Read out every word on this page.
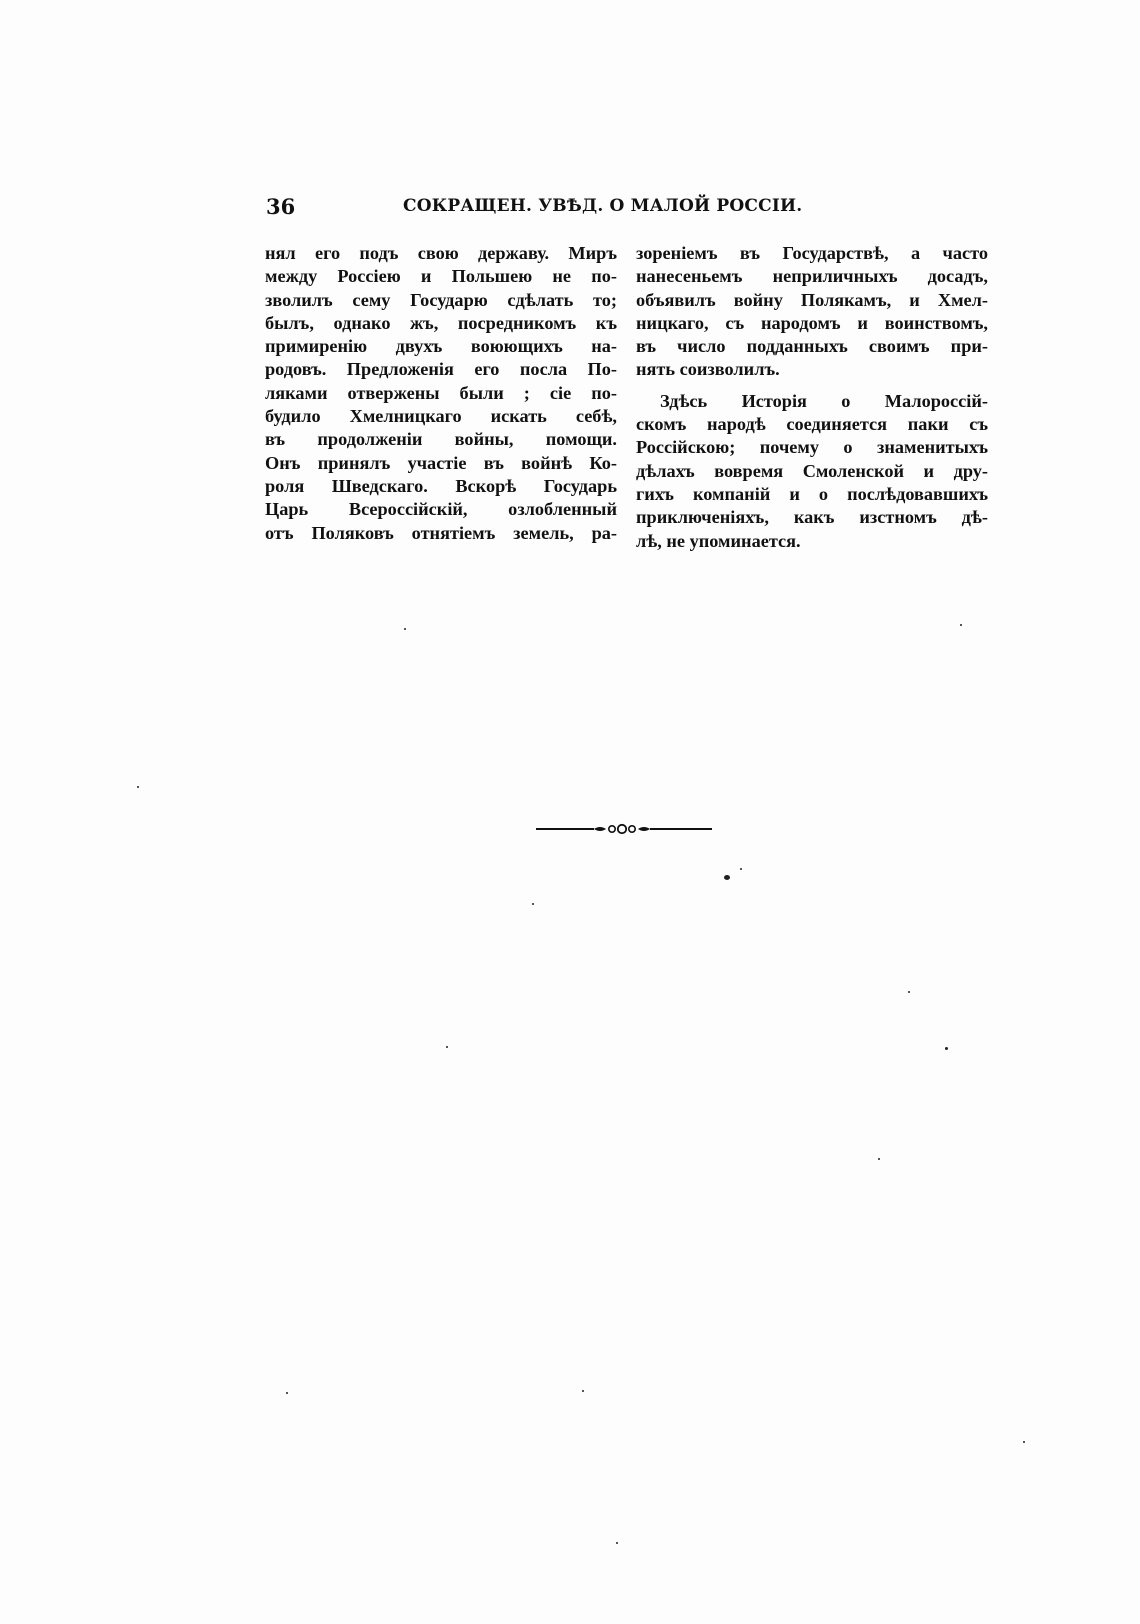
36	СОКРАЩЕН. УВѢД. О МАЛОЙ РОССІИ.
нял его подъ свою державу. Миръ
между Россіею и Польшею не по-
зволилъ сему Государю сдѣлать то;
былъ, однако жъ, посредникомъ къ
примиренію двухъ воюющихъ на-
родовъ. Предложенія его посла По-
ляками отвержены были ; сіе по-
будило Хмелницкаго искать себѣ,
въ продолженіи войны, помощи.
Онъ принялъ участіе въ войнѣ Ко-
роля Шведскаго. Вскорѣ Государь
Царь Всероссійскій, озлобленный
отъ Поляковъ отнятіемъ земель, ра-
зореніемъ въ Государствѣ, а часто
нанесеньемъ неприличныхъ досадъ,
объявилъ войну Полякамъ, и Хмел-
ницкаго, съ народомъ и воинствомъ,
въ число подданныхъ своимъ при-
нять соизволилъ.
Здѣсь Исторія о Малороссій-
скомъ народѣ соединяется паки съ
Россійскою; почему о знаменитыхъ
дѣлахъ вовремя Смоленской и дру-
гихъ компаній и о послѣдовавшихъ
приключеніяхъ, какъ изстномъ дѣ-
лѣ, не упоминается.
